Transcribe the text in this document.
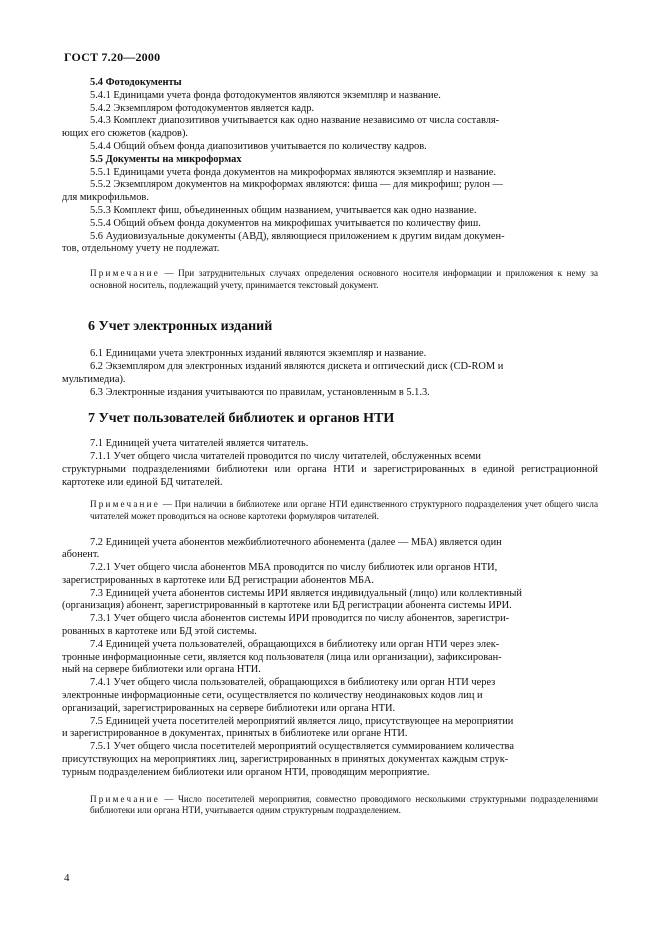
ГОСТ 7.20—2000
5.4 Фотодокументы
5.4.1 Единицами учета фонда фотодокументов являются экземпляр и название.
5.4.2 Экземпляром фотодокументов является кадр.
5.4.3 Комплект диапозитивов учитывается как одно название независимо от числа составля-
ющих его сюжетов (кадров).
5.4.4 Общий объем фонда диапозитивов учитывается по количеству кадров.
5.5 Документы на микроформах
5.5.1 Единицами учета фонда документов на микроформах являются экземпляр и название.
5.5.2 Экземпляром документов на микроформах являются: фиша — для микрофиш; рулон —
для микрофильмов.
5.5.3 Комплект фиш, объединенных общим названием, учитывается как одно название.
5.5.4 Общий объем фонда документов на микрофишах учитывается по количеству фиш.
5.6 Аудиовизуальные документы (АВД), являющиеся приложением к другим видам докумен-
тов, отдельному учету не подлежат.
Примечание — При затруднительных случаях определения основного носителя информации и приложения к нему за основной носитель, подлежащий учету, принимается текстовый документ.
6 Учет электронных изданий
6.1 Единицами учета электронных изданий являются экземпляр и название.
6.2 Экземпляром для электронных изданий являются дискета и оптический диск (CD-ROM и
мультимедиа).
6.3 Электронные издания учитываются по правилам, установленным в 5.1.3.
7 Учет пользователей библиотек и органов НТИ
7.1 Единицей учета читателей является читатель.
7.1.1 Учет общего числа читателей проводится по числу читателей, обслуженных всеми
структурными подразделениями библиотеки или органа НТИ и зарегистрированных в единой регистрационной картотеке или единой БД читателей.
Примечание — При наличии в библиотеке или органе НТИ единственного структурного подразделения учет общего числа читателей может проводиться на основе картотеки формуляров читателей.
7.2 Единицей учета абонентов межбиблиотечного абонемента (далее — МБА) является один
абонент.
7.2.1 Учет общего числа абонентов МБА проводится по числу библиотек или органов НТИ,
зарегистрированных в картотеке или БД регистрации абонентов МБА.
7.3 Единицей учета абонентов системы ИРИ является индивидуальный (лицо) или коллективный
(организация) абонент, зарегистрированный в картотеке или БД регистрации абонента системы ИРИ.
7.3.1 Учет общего числа абонентов системы ИРИ проводится по числу абонентов, зарегистри-
рованных в картотеке или БД этой системы.
7.4 Единицей учета пользователей, обращающихся в библиотеку или орган НТИ через элек-
тронные информационные сети, является код пользователя (лица или организации), зафиксирован-
ный на сервере библиотеки или органа НТИ.
7.4.1 Учет общего числа пользователей, обращающихся в библиотеку или орган НТИ через
электронные информационные сети, осуществляется по количеству неодинаковых кодов лиц и
организаций, зарегистрированных на сервере библиотеки или органа НТИ.
7.5 Единицей учета посетителей мероприятий является лицо, присутствующее на мероприятии
и зарегистрированное в документах, принятых в библиотеке или органе НТИ.
7.5.1 Учет общего числа посетителей мероприятий осуществляется суммированием количества
присутствующих на мероприятиях лиц, зарегистрированных в принятых документах каждым струк-
турным подразделением библиотеки или органом НТИ, проводящим мероприятие.
Примечание — Число посетителей мероприятия, совместно проводимого несколькими структурными подразделениями библиотеки или органа НТИ, учитывается одним структурным подразделением.
4
